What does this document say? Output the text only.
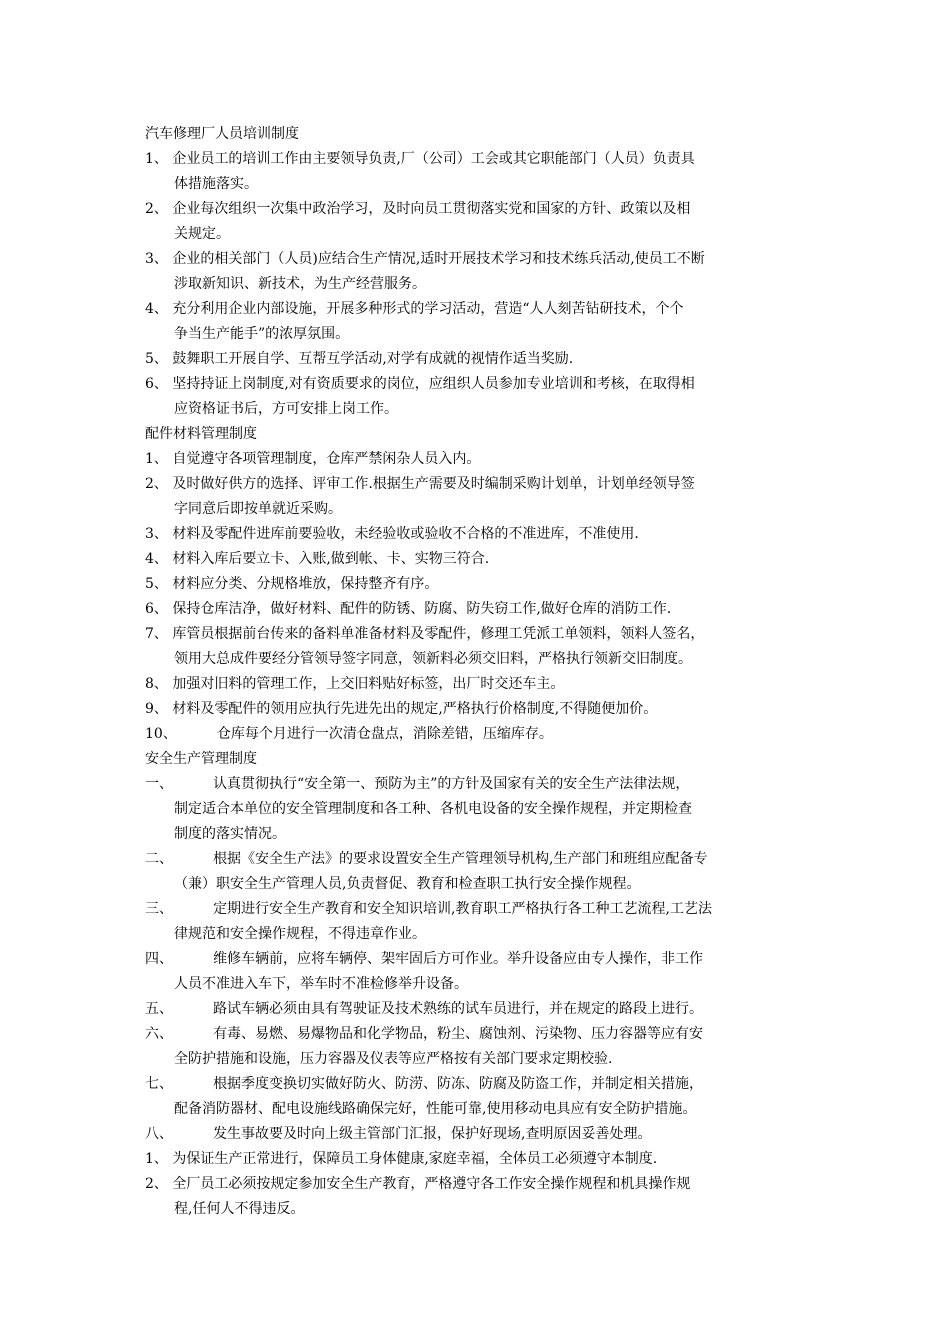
汽车修理厂人员培训制度
1、 企业员工的培训工作由主要领导负责,厂（公司）工会或其它职能部门（人员）负责具
体措施落实。
2、 企业每次组织一次集中政治学习，及时向员工贯彻落实党和国家的方针、政策以及相
关规定。
3、 企业的相关部门（人员)应结合生产情况,适时开展技术学习和技术练兵活动,使员工不断
涉取新知识、新技术，为生产经营服务。
4、 充分利用企业内部设施，开展多种形式的学习活动，营造“人人刻苦钻研技术，个个
争当生产能手”的浓厚氛围。
5、 鼓舞职工开展自学、互帮互学活动,对学有成就的视情作适当奖励.
6、 坚持持证上岗制度,对有资质要求的岗位，应组织人员参加专业培训和考核，在取得相
应资格证书后，方可安排上岗工作。
配件材料管理制度
1、 自觉遵守各项管理制度，仓库严禁闲杂人员入内。
2、 及时做好供方的选择、评审工作.根据生产需要及时编制采购计划单，计划单经领导签
字同意后即按单就近采购。
3、 材料及零配件进库前要验收，未经验收或验收不合格的不准进库，不准使用.
4、 材料入库后要立卡、入账,做到帐、卡、实物三符合.
5、 材料应分类、分规格堆放，保持整齐有序。
6、 保持仓库洁净，做好材料、配件的防锈、防腐、防失窃工作,做好仓库的消防工作.
7、 库管员根据前台传来的备料单准备材料及零配件，修理工凭派工单领料，领料人签名，
领用大总成件要经分管领导签字同意，领新料必须交旧料，严格执行领新交旧制度。
8、 加强对旧料的管理工作，上交旧料贴好标签，出厂时交还车主。
9、 材料及零配件的领用应执行先进先出的规定,严格执行价格制度,不得随便加价。
10、 仓库每个月进行一次清仓盘点，消除差错，压缩库存。
安全生产管理制度
一、 认真贯彻执行“安全第一、预防为主”的方针及国家有关的安全生产法律法规，
制定适合本单位的安全管理制度和各工种、各机电设备的安全操作规程，并定期检查
制度的落实情况。
二、 根据《安全生产法》的要求设置安全生产管理领导机构,生产部门和班组应配备专
（兼）职安全生产管理人员,负责督促、教育和检查职工执行安全操作规程。
三、 定期进行安全生产教育和安全知识培训,教育职工严格执行各工种工艺流程,工艺法
律规范和安全操作规程，不得违章作业。
四、 维修车辆前，应将车辆停、架牢固后方可作业。举升设备应由专人操作，非工作
人员不准进入车下，举车时不准检修举升设备。
五、 路试车辆必须由具有驾驶证及技术熟练的试车员进行，并在规定的路段上进行。
六、 有毒、易燃、易爆物品和化学物品，粉尘、腐蚀剂、污染物、压力容器等应有安
全防护措施和设施，压力容器及仪表等应严格按有关部门要求定期校验.
七、 根据季度变换切实做好防火、防涝、防冻、防腐及防盗工作，并制定相关措施，
配备消防器材、配电设施线路确保完好，性能可靠,使用移动电具应有安全防护措施。
八、 发生事故要及时向上级主管部门汇报，保护好现场,查明原因妥善处理。
1、 为保证生产正常进行，保障员工身体健康,家庭幸福，全体员工必须遵守本制度.
2、 全厂员工必须按规定参加安全生产教育，严格遵守各工作安全操作规程和机具操作规
程,任何人不得违反。
